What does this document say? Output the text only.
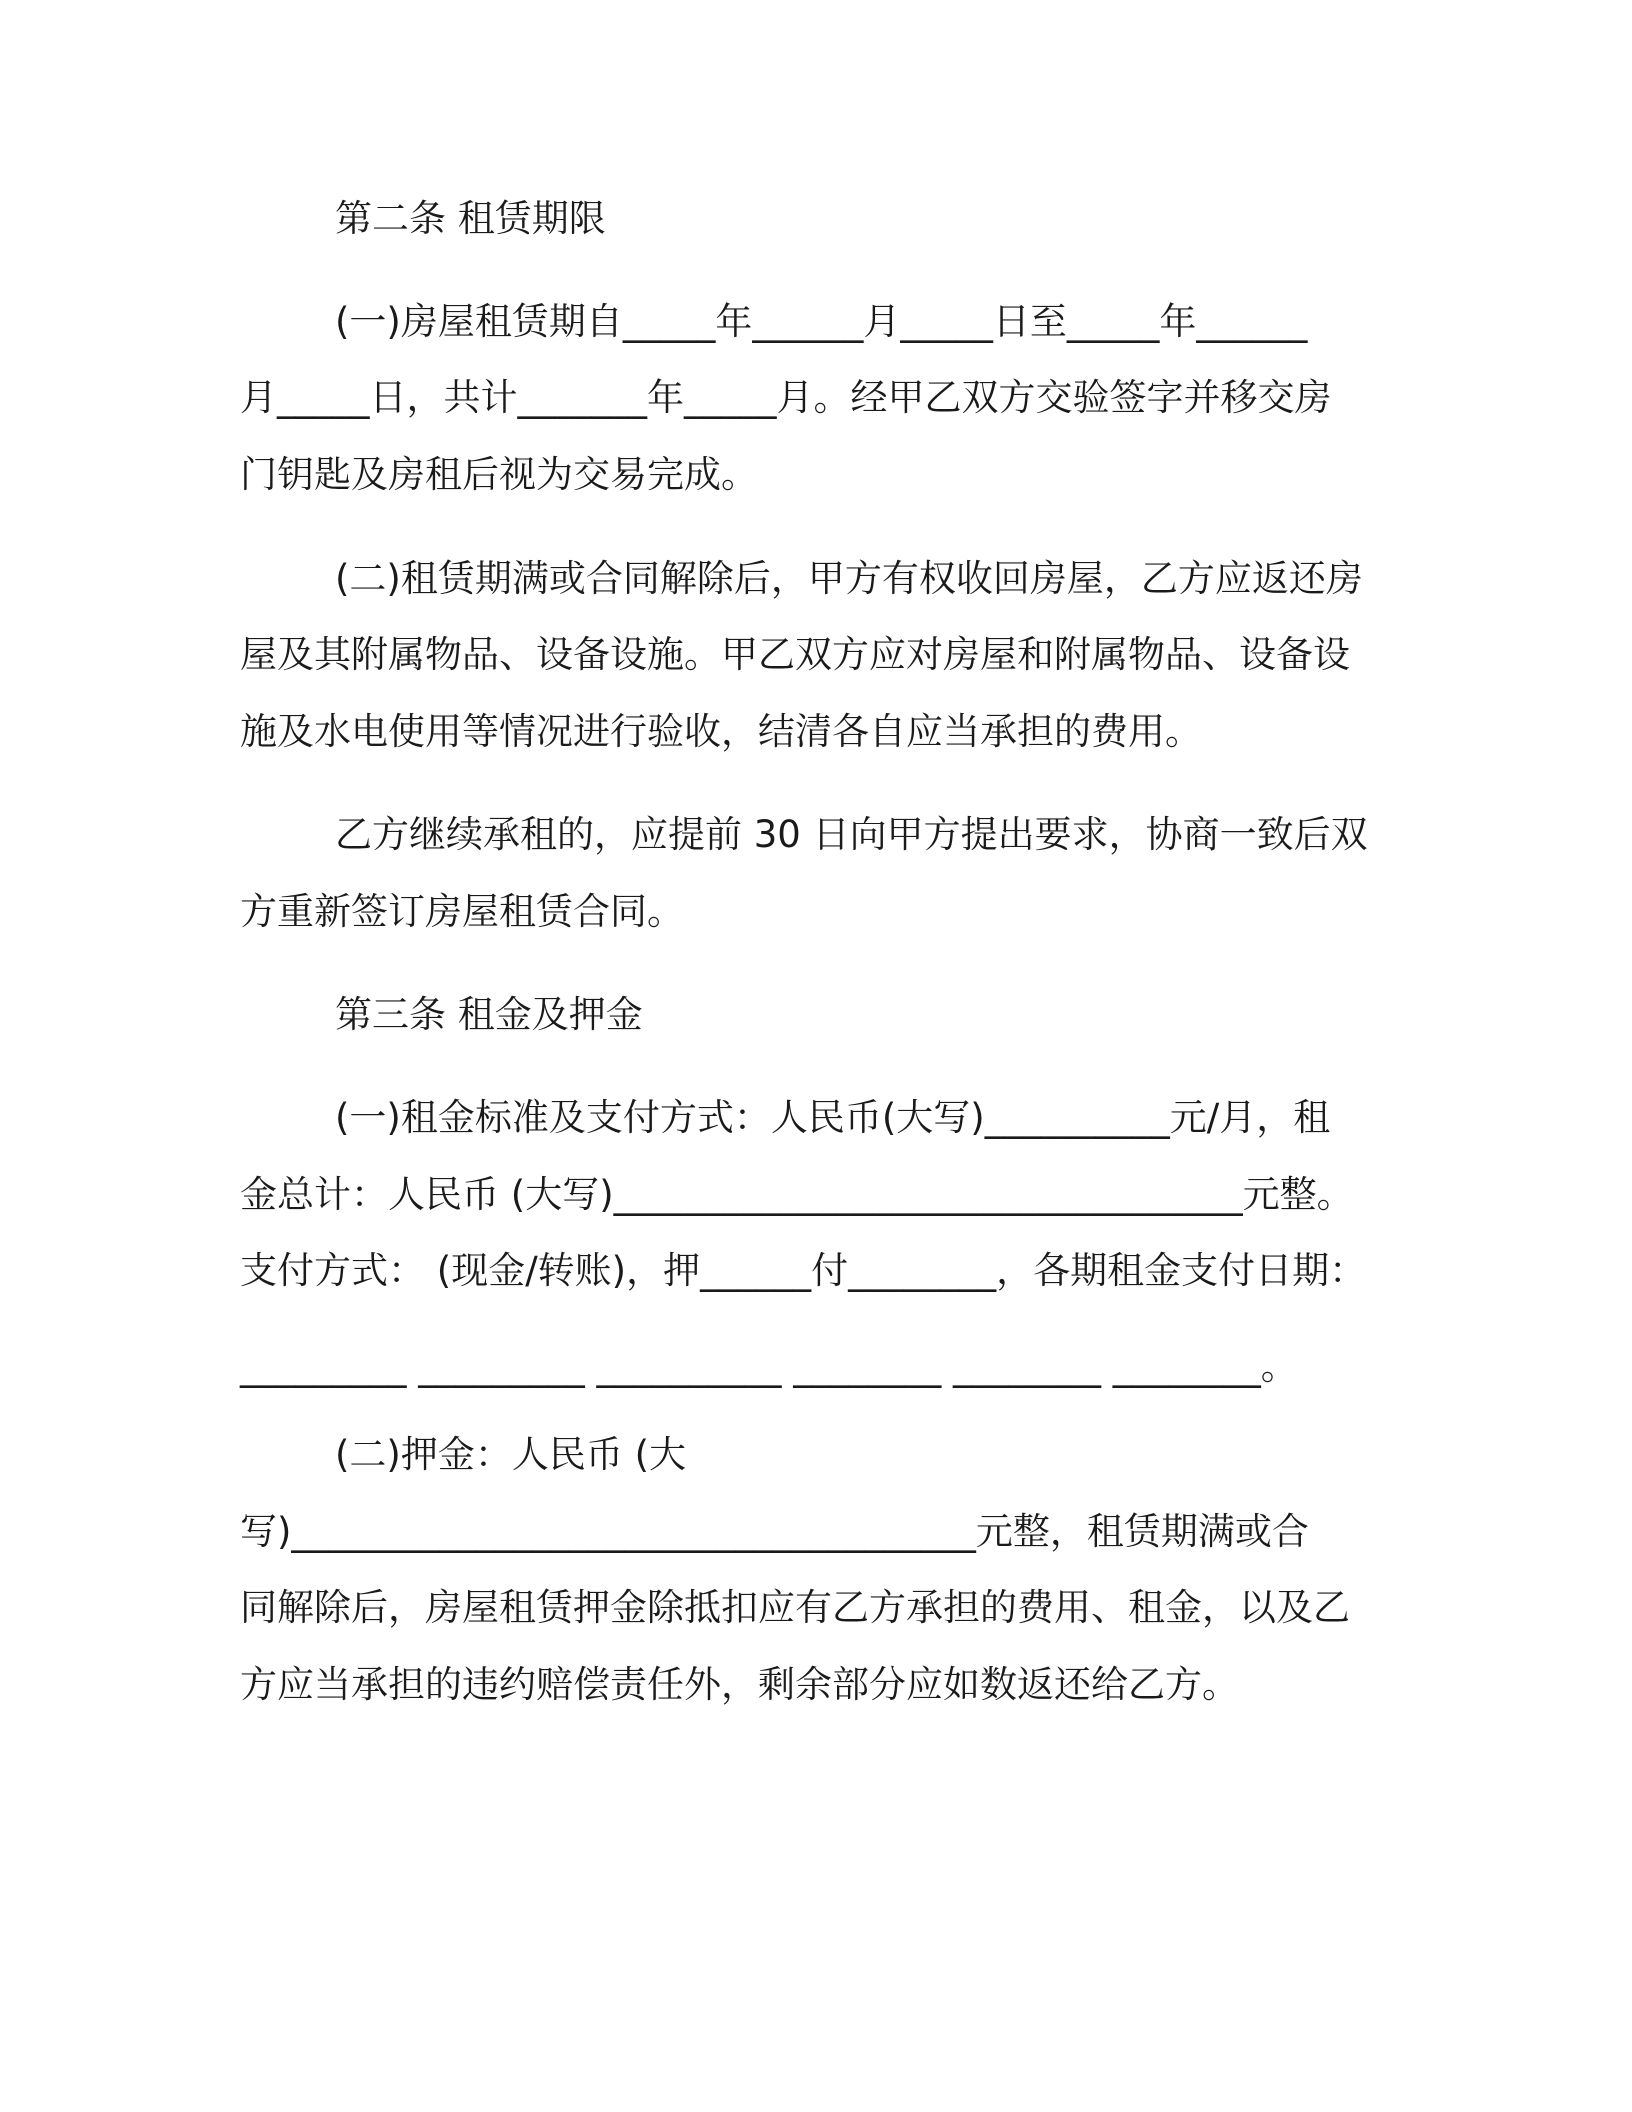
第二条 租赁期限
(一)房屋租赁期自_____年______月_____日至_____年______
月_____日，共计_______年_____月。经甲乙双方交验签字并移交房
门钥匙及房租后视为交易完成。
(二)租赁期满或合同解除后，甲方有权收回房屋，乙方应返还房
屋及其附属物品、设备设施。甲乙双方应对房屋和附属物品、设备设
施及水电使用等情况进行验收，结清各自应当承担的费用。
乙方继续承租的，应提前 30 日向甲方提出要求，协商一致后双
方重新签订房屋租赁合同。
第三条 租金及押金
(一)租金标准及支付方式：人民币(大写)__________元/月，租
金总计：人民币 (大写)__________________________________元整。
支付方式： (现金/转账)，押______付________，各期租金支付日期：
_________ _________ __________ ________ ________ ________。
(二)押金：人民币 (大
写)_____________________________________元整，租赁期满或合
同解除后，房屋租赁押金除抵扣应有乙方承担的费用、租金，以及乙
方应当承担的违约赔偿责任外，剩余部分应如数返还给乙方。
